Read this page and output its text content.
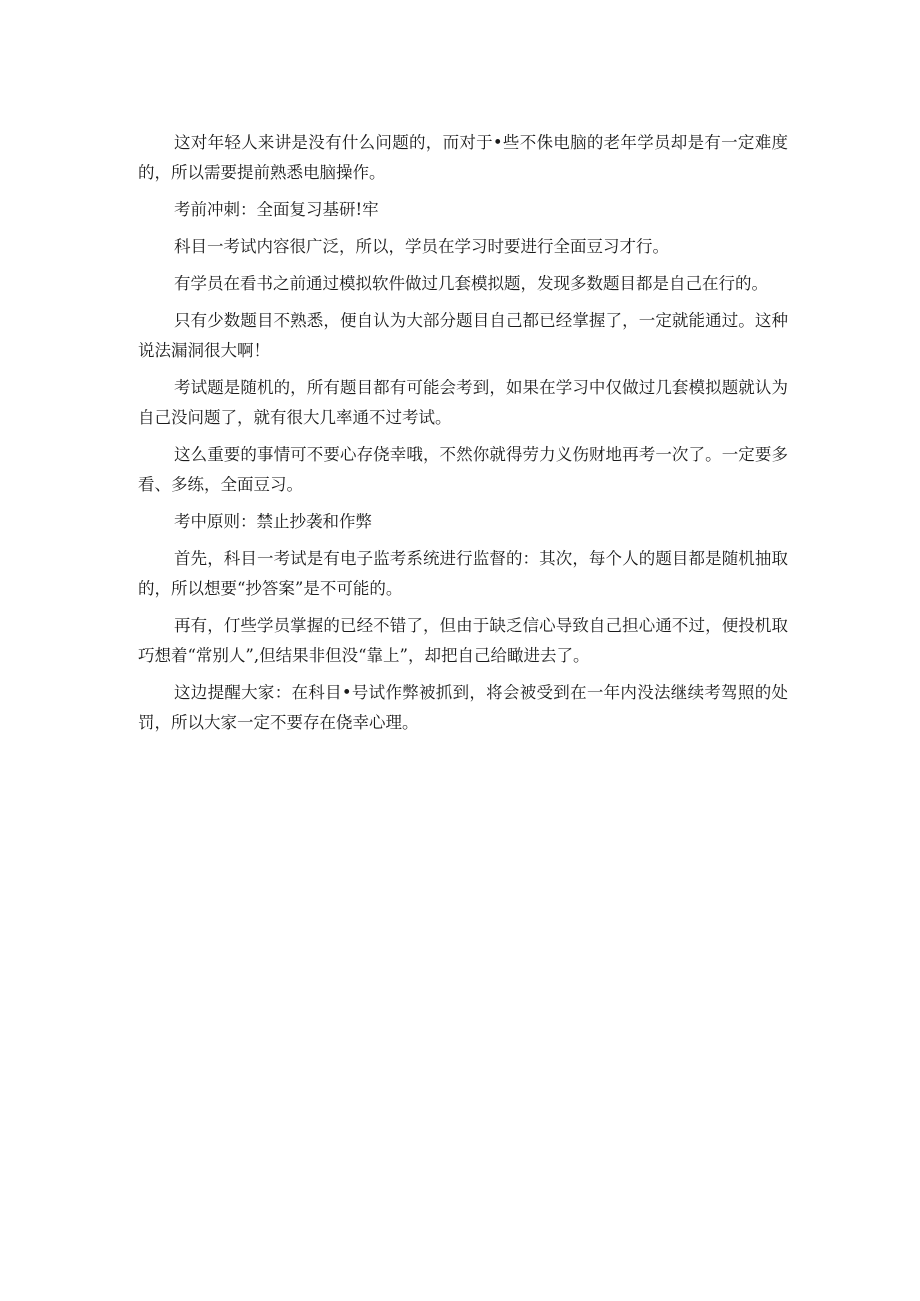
这对年轻人来讲是没有什么问题的，而对于•些不侏电脑的老年学员却是有一定难度的，所以需要提前熟悉电脑操作。

考前冲刺：全面复习基研!牢

科目一考试内容很广泛，所以，学员在学习时要进行全面豆习才行。

有学员在看书之前通过模拟软件做过几套模拟题，发现多数题目都是自己在行的。

只有少数题目不熟悉，便自认为大部分题目自己都已经掌握了，一定就能通过。这种说法漏洞很大啊！

考试题是随机的，所有题目都有可能会考到，如果在学习中仅做过几套模拟题就认为自己没问题了，就有很大几率通不过考试。

这么重要的事情可不要心存侥幸哦，不然你就得劳力义伤财地再考一次了。一定要多看、多练，全面豆习。

考中原则：禁止抄袭和作弊

首先，科目一考试是有电子监考系统进行监督的：其次，每个人的题目都是随机抽取的，所以想要“抄答案”是不可能的。

再有，仃些学员掌握的已经不错了，但由于缺乏信心导致自己担心通不过，便投机取巧想着“常别人”,但结果非但没“靠上”，却把自己给瞰进去了。

这边提醒大家：在科目•号试作弊被抓到，将会被受到在一年内没法继续考驾照的处罚，所以大家一定不要存在侥幸心理。
